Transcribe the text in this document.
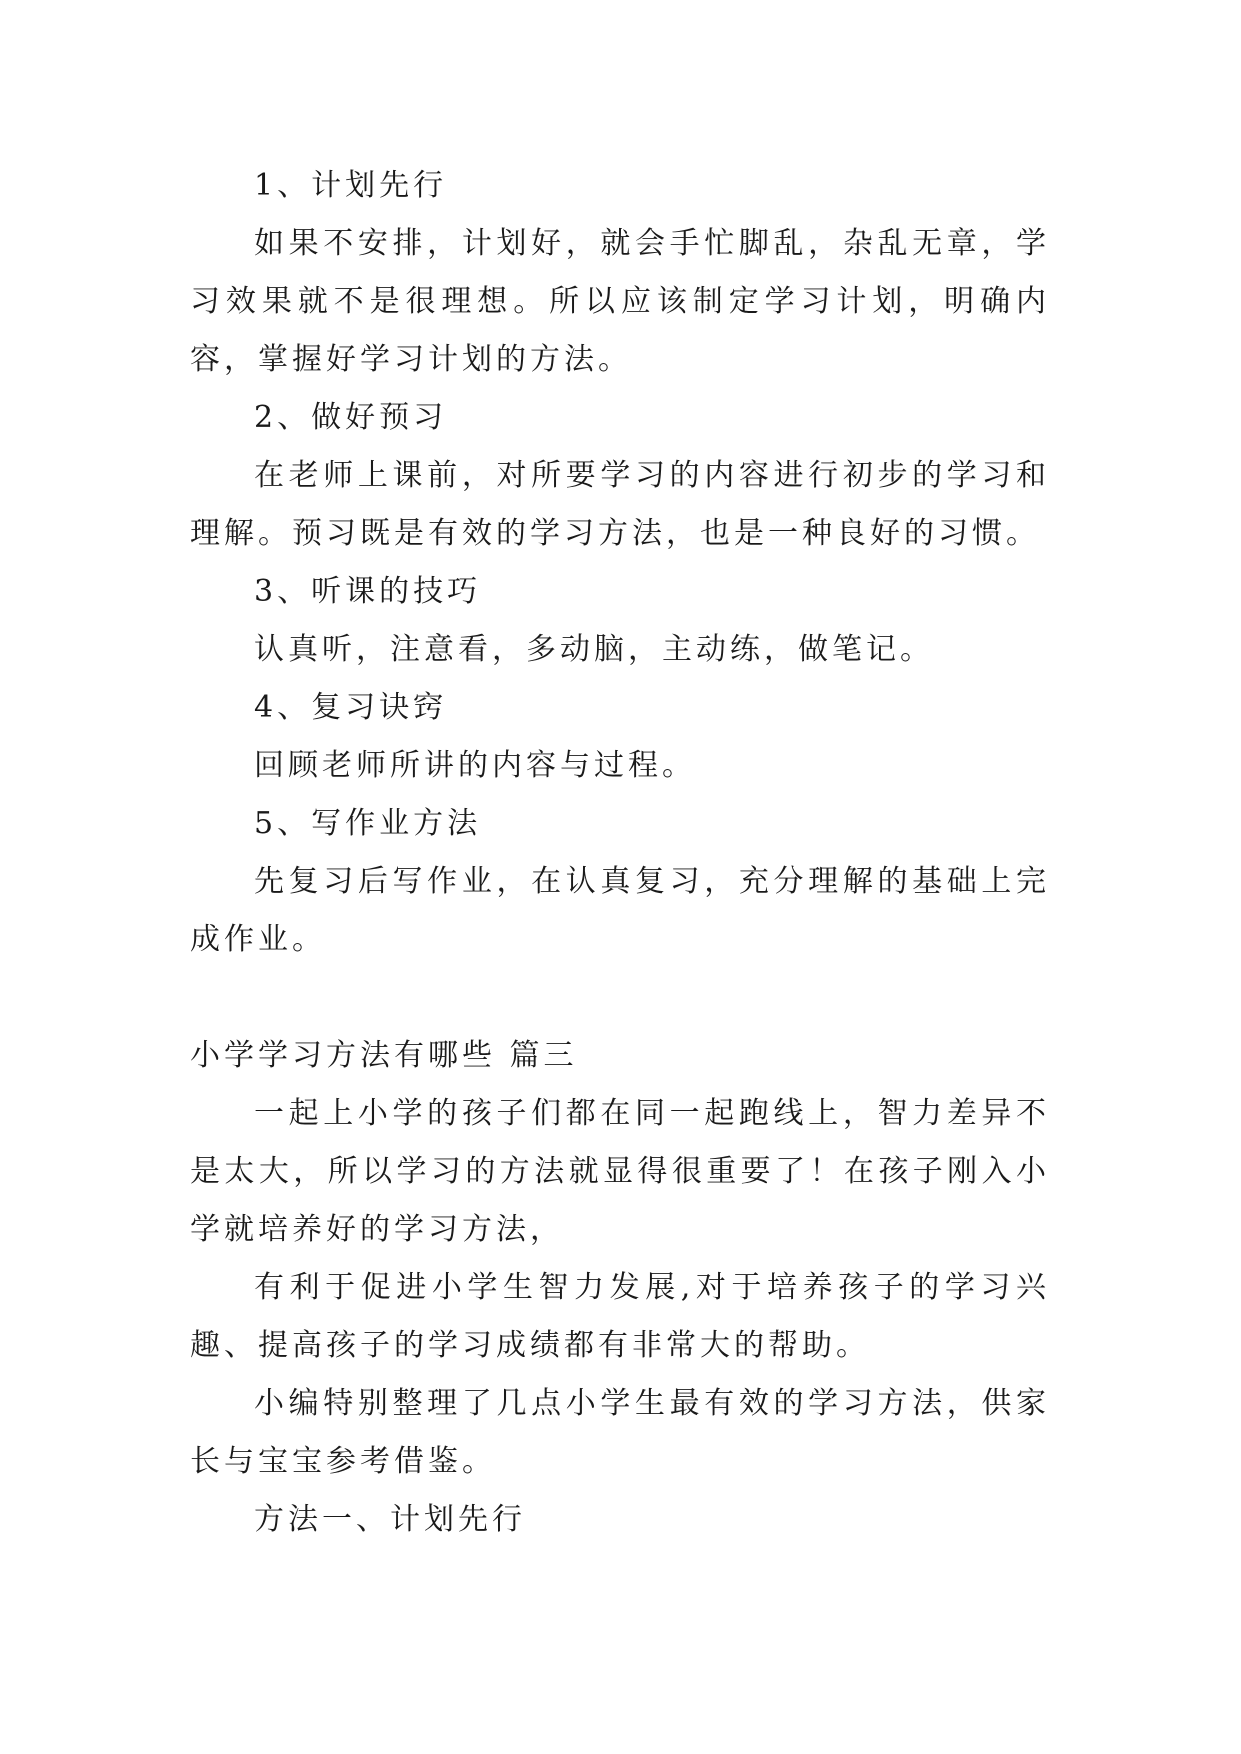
1、计划先行

如果不安排，计划好，就会手忙脚乱，杂乱无章，学习效果就不是很理想。所以应该制定学习计划，明确内容，掌握好学习计划的方法。

2、做好预习

在老师上课前，对所要学习的内容进行初步的学习和理解。预习既是有效的学习方法，也是一种良好的习惯。

3、听课的技巧

认真听，注意看，多动脑，主动练，做笔记。

4、复习诀窍

回顾老师所讲的内容与过程。

5、写作业方法

先复习后写作业，在认真复习，充分理解的基础上完成作业。

小学学习方法有哪些 篇三

一起上小学的孩子们都在同一起跑线上，智力差异不是太大，所以学习的方法就显得很重要了！在孩子刚入小学就培养好的学习方法，

有利于促进小学生智力发展,对于培养孩子的学习兴趣、提高孩子的学习成绩都有非常大的帮助。

小编特别整理了几点小学生最有效的学习方法，供家长与宝宝参考借鉴。

方法一、计划先行
